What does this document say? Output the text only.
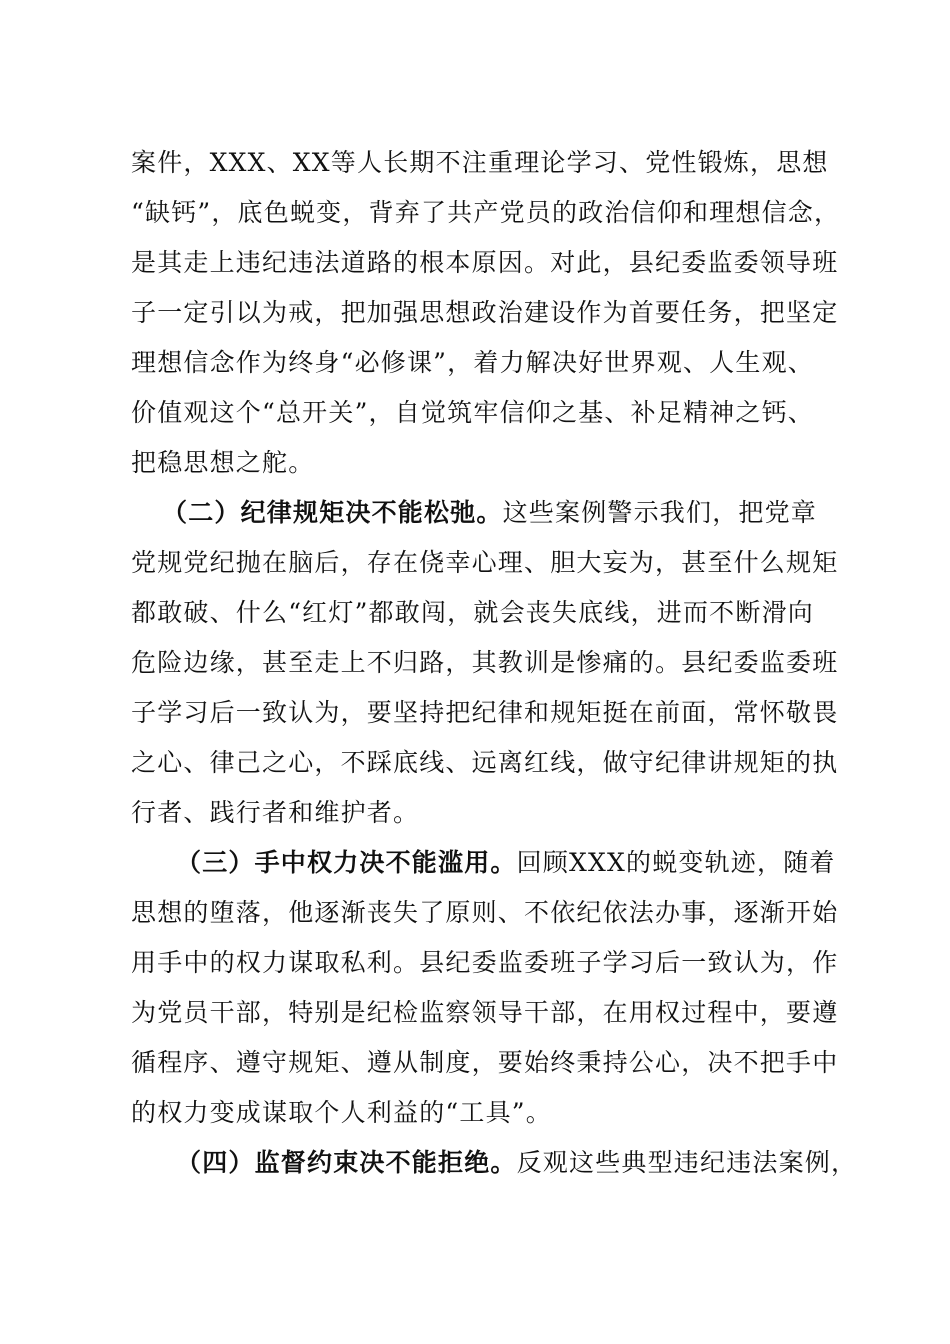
案件，XXX、XX等人长期不注重理论学习、党性锻炼，思想
“缺钙”，底色蜕变，背弃了共产党员的政治信仰和理想信念，
是其走上违纪违法道路的根本原因。对此，县纪委监委领导班
子一定引以为戒，把加强思想政治建设作为首要任务，把坚定
理想信念作为终身“必修课”，着力解决好世界观、人生观、
价值观这个“总开关”，自觉筑牢信仰之基、补足精神之钙、
把稳思想之舵。
（二）纪律规矩决不能松弛。这些案例警示我们，把党章
党规党纪抛在脑后，存在侥幸心理、胆大妄为，甚至什么规矩
都敢破、什么“红灯”都敢闯，就会丧失底线，进而不断滑向
危险边缘，甚至走上不归路，其教训是惨痛的。县纪委监委班
子学习后一致认为，要坚持把纪律和规矩挺在前面，常怀敬畏
之心、律己之心，不踩底线、远离红线，做守纪律讲规矩的执
行者、践行者和维护者。
（三）手中权力决不能滥用。回顾XXX的蜕变轨迹，随着
思想的堕落，他逐渐丧失了原则、不依纪依法办事，逐渐开始
用手中的权力谋取私利。县纪委监委班子学习后一致认为，作
为党员干部，特别是纪检监察领导干部，在用权过程中，要遵
循程序、遵守规矩、遵从制度，要始终秉持公心，决不把手中
的权力变成谋取个人利益的“工具”。
（四）监督约束决不能拒绝。反观这些典型违纪违法案例，
